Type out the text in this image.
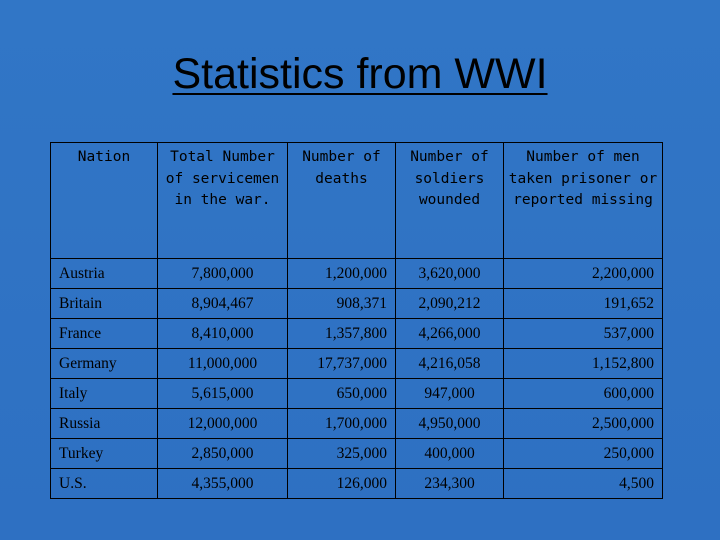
Statistics from WWI
Nation	Total Number of servicemen in the war.	Number of deaths	Number of soldiers wounded	Number of men taken prisoner or reported missing
Austria	7,800,000	1,200,000	3,620,000	2,200,000
Britain	8,904,467	908,371	2,090,212	191,652
France	8,410,000	1,357,800	4,266,000	537,000
Germany	11,000,000	17,737,000	4,216,058	1,152,800
Italy	5,615,000	650,000	947,000	600,000
Russia	12,000,000	1,700,000	4,950,000	2,500,000
Turkey	2,850,000	325,000	400,000	250,000
U.S.	4,355,000	126,000	234,300	4,500
